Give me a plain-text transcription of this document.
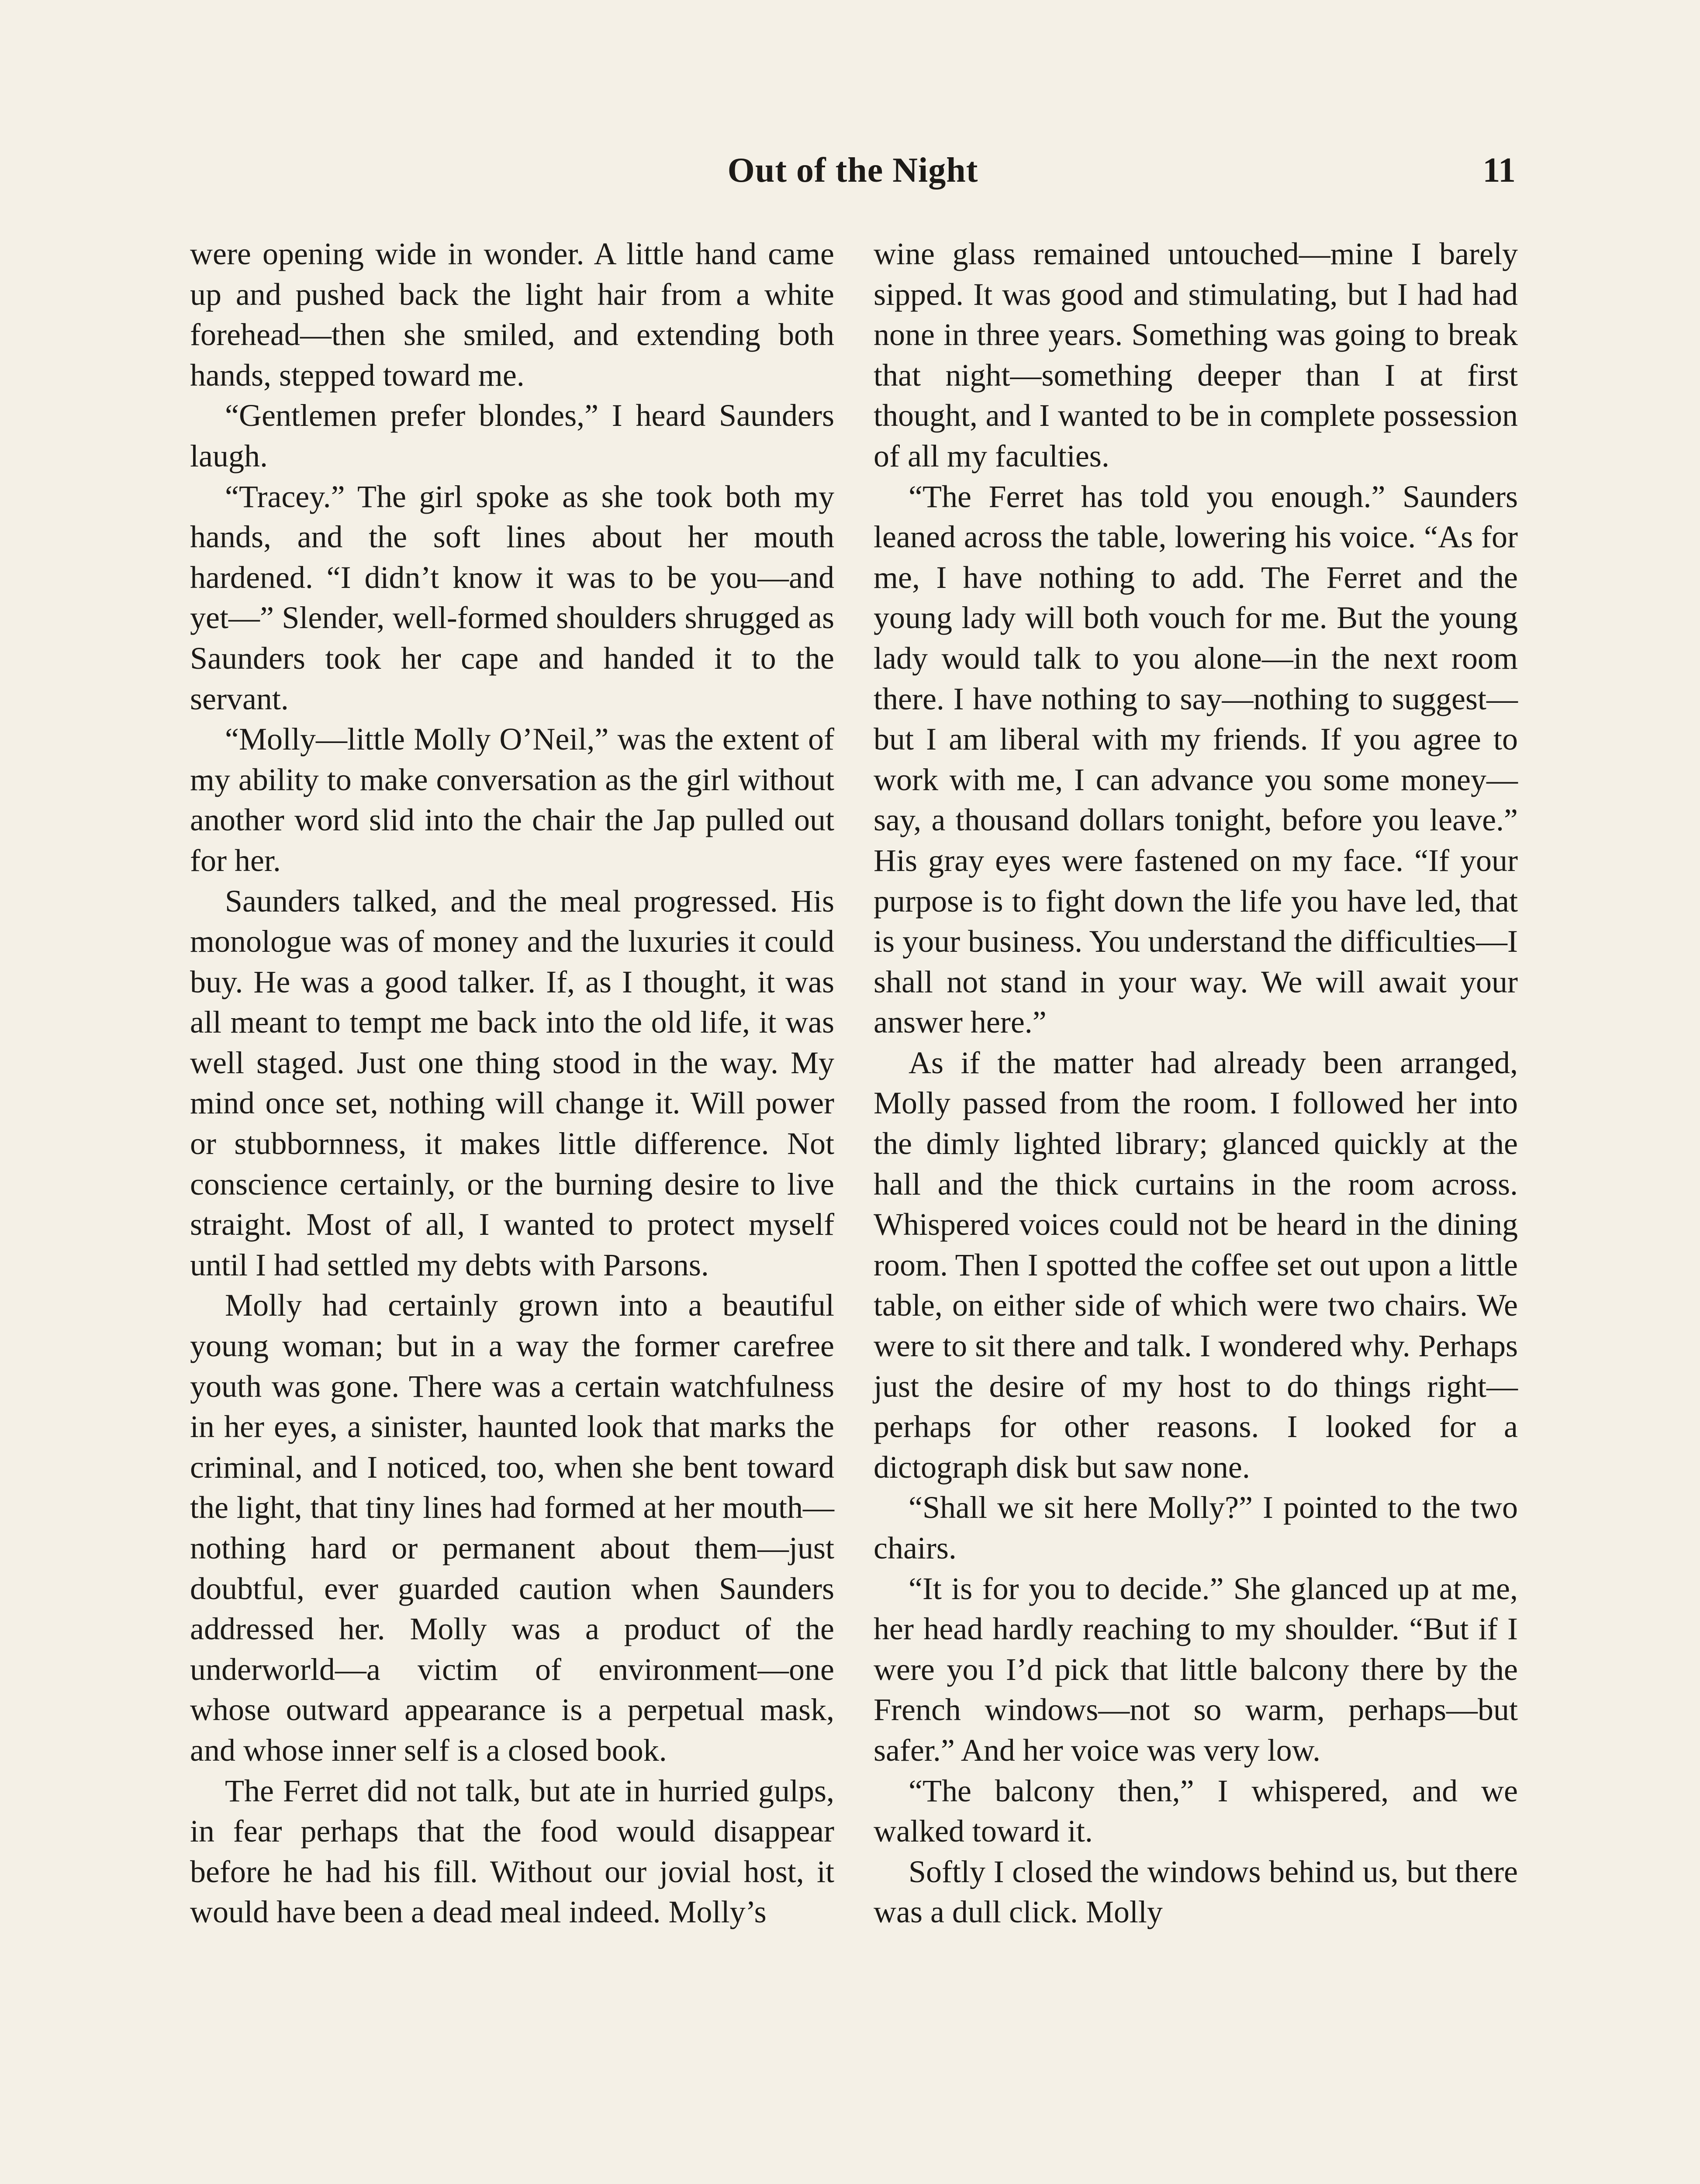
Out of the Night	11

were opening wide in wonder. A little hand came up and pushed back the light hair from a white forehead—then she smiled, and extending both hands, stepped toward me.

“Gentlemen prefer blondes,” I heard Saunders laugh.

“Tracey.” The girl spoke as she took both my hands, and the soft lines about her mouth hardened. “I didn’t know it was to be you—and yet—” Slender, well-formed shoulders shrugged as Saunders took her cape and handed it to the servant.

“Molly—little Molly O’Neil,” was the extent of my ability to make conversation as the girl without another word slid into the chair the Jap pulled out for her.

Saunders talked, and the meal progressed. His monologue was of money and the luxuries it could buy. He was a good talker. If, as I thought, it was all meant to tempt me back into the old life, it was well staged. Just one thing stood in the way. My mind once set, nothing will change it. Will power or stubbornness, it makes little difference. Not conscience certainly, or the burning desire to live straight. Most of all, I wanted to protect myself until I had settled my debts with Parsons.

Molly had certainly grown into a beautiful young woman; but in a way the former carefree youth was gone. There was a certain watchfulness in her eyes, a sinister, haunted look that marks the criminal, and I noticed, too, when she bent toward the light, that tiny lines had formed at her mouth—nothing hard or permanent about them—just doubtful, ever guarded caution when Saunders addressed her. Molly was a product of the underworld—a victim of environment—one whose outward appearance is a perpetual mask, and whose inner self is a closed book.

The Ferret did not talk, but ate in hurried gulps, in fear perhaps that the food would disappear before he had his fill. Without our jovial host, it would have been a dead meal indeed. Molly’s

wine glass remained untouched—mine I barely sipped. It was good and stimulating, but I had had none in three years. Something was going to break that night—something deeper than I at first thought, and I wanted to be in complete possession of all my faculties.

“The Ferret has told you enough.” Saunders leaned across the table, lowering his voice. “As for me, I have nothing to add. The Ferret and the young lady will both vouch for me. But the young lady would talk to you alone—in the next room there. I have nothing to say—nothing to suggest—but I am liberal with my friends. If you agree to work with me, I can advance you some money—say, a thousand dollars tonight, before you leave.” His gray eyes were fastened on my face. “If your purpose is to fight down the life you have led, that is your business. You understand the difficulties—I shall not stand in your way. We will await your answer here.”

As if the matter had already been arranged, Molly passed from the room. I followed her into the dimly lighted library; glanced quickly at the hall and the thick curtains in the room across. Whispered voices could not be heard in the dining room. Then I spotted the coffee set out upon a little table, on either side of which were two chairs. We were to sit there and talk. I wondered why. Perhaps just the desire of my host to do things right—perhaps for other reasons. I looked for a dictograph disk but saw none.

“Shall we sit here Molly?” I pointed to the two chairs.

“It is for you to decide.” She glanced up at me, her head hardly reaching to my shoulder. “But if I were you I’d pick that little balcony there by the French windows—not so warm, perhaps—but safer.” And her voice was very low.

“The balcony then,” I whispered, and we walked toward it.

Softly I closed the windows behind us, but there was a dull click. Molly
